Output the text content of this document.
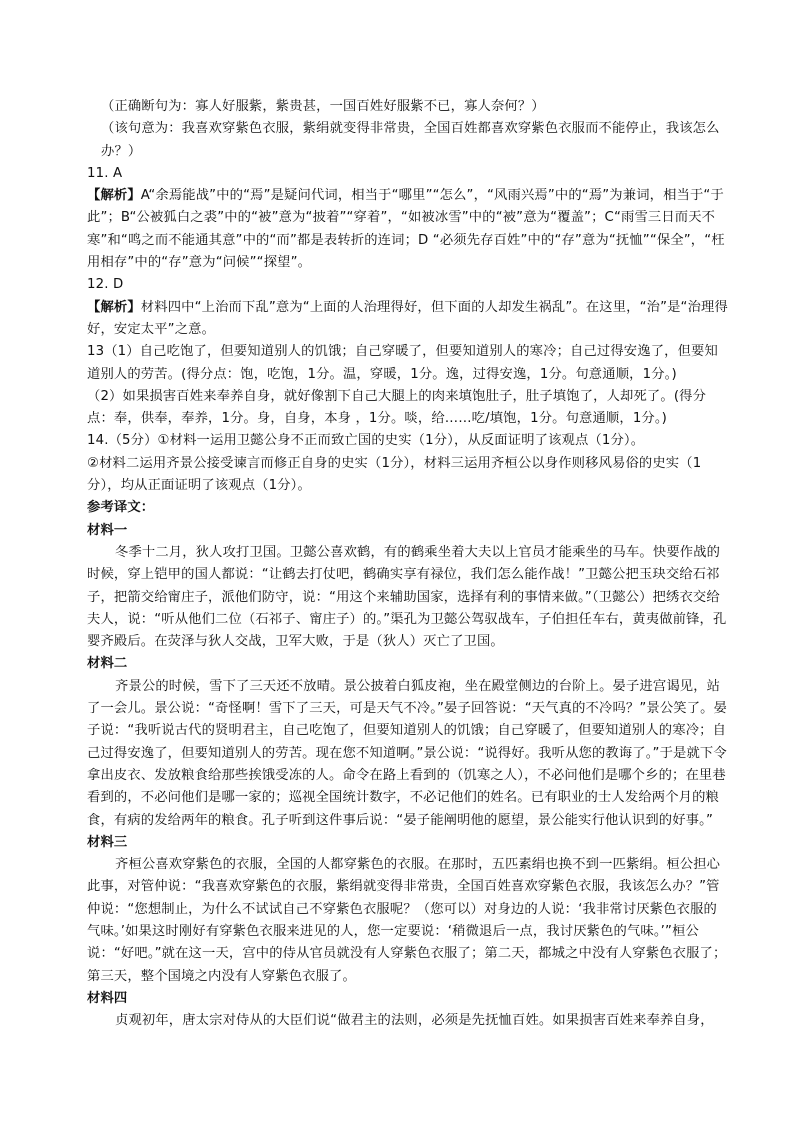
（正确断句为：寡人好服紫，紫贵甚，一国百姓好服紫不已，寡人奈何？）

（该句意为：我喜欢穿紫色衣服，紫绢就变得非常贵，全国百姓都喜欢穿紫色衣服而不能停止，我该怎么办？）

11. A

【解析】A“余焉能战”中的“焉”是疑问代词，相当于“哪里”“怎么”，“风雨兴焉”中的“焉”为兼词，相当于“于此”；B“公被狐白之裘”中的“被”意为“披着”“穿着”，“如被冰雪”中的“被”意为“覆盖”；C“雨雪三日而天不寒”和“鸣之而不能通其意”中的“而”都是表转折的连词；D “必须先存百姓”中的“存”意为“抚恤”“保全”，“枉用相存”中的“存”意为“问候”“探望”。

12. D

【解析】材料四中“上治而下乱”意为“上面的人治理得好，但下面的人却发生祸乱”。在这里，“治”是“治理得好，安定太平”之意。

13（1）自己吃饱了，但要知道别人的饥饿；自己穿暖了，但要知道别人的寒冷；自己过得安逸了，但要知道别人的劳苦。(得分点：饱，吃饱，1分。温，穿暖，1分。逸，过得安逸，1分。句意通顺，1分。)

（2）如果损害百姓来奉养自身，就好像割下自己大腿上的肉来填饱肚子，肚子填饱了，人却死了。(得分点：奉，供奉，奉养，1分。身，自身，本身 ，1分。啖，给……吃/填饱，1分。句意通顺，1分。)

14.（5分）①材料一运用卫懿公身不正而致亡国的史实（1分），从反面证明了该观点（1分）。

②材料二运用齐景公接受谏言而修正自身的史实（1分），材料三运用齐桓公以身作则移风易俗的史实（1分），均从正面证明了该观点（1分）。

参考译文：

材料一

冬季十二月，狄人攻打卫国。卫懿公喜欢鹤，有的鹤乘坐着大夫以上官员才能乘坐的马车。快要作战的时候，穿上铠甲的国人都说：“让鹤去打仗吧，鹤确实享有禄位，我们怎么能作战！”卫懿公把玉玦交给石祁子，把箭交给甯庄子，派他们防守，说：“用这个来辅助国家，选择有利的事情来做。”（卫懿公）把绣衣交给夫人，说：“听从他们二位（石祁子、甯庄子）的。”渠孔为卫懿公驾驭战车，子伯担任车右，黄夷做前锋，孔婴齐殿后。在荧泽与狄人交战，卫军大败，于是（狄人）灭亡了卫国。

材料二

齐景公的时候，雪下了三天还不放晴。景公披着白狐皮袍，坐在殿堂侧边的台阶上。晏子进宫谒见，站了一会儿。景公说：“奇怪啊！雪下了三天，可是天气不冷。”晏子回答说：“天气真的不冷吗？”景公笑了。晏子说：“我听说古代的贤明君主，自己吃饱了，但要知道别人的饥饿；自己穿暖了，但要知道别人的寒冷；自己过得安逸了，但要知道别人的劳苦。现在您不知道啊。”景公说：“说得好。我听从您的教诲了。”于是就下令拿出皮衣、发放粮食给那些挨饿受冻的人。命令在路上看到的（饥寒之人），不必问他们是哪个乡的；在里巷看到的，不必问他们是哪一家的；巡视全国统计数字，不必记他们的姓名。已有职业的士人发给两个月的粮食，有病的发给两年的粮食。孔子听到这件事后说：“晏子能阐明他的愿望，景公能实行他认识到的好事。”

材料三

齐桓公喜欢穿紫色的衣服，全国的人都穿紫色的衣服。在那时，五匹素绢也换不到一匹紫绢。桓公担心此事，对管仲说：“我喜欢穿紫色的衣服，紫绢就变得非常贵，全国百姓喜欢穿紫色衣服，我该怎么办？”管仲说：“您想制止，为什么不试试自己不穿紫色衣服呢？（您可以）对身边的人说：‘我非常讨厌紫色衣服的气味。’如果这时刚好有穿紫色衣服来进见的人，您一定要说：‘稍微退后一点，我讨厌紫色的气味。’”桓公说：“好吧。”就在这一天，宫中的侍从官员就没有人穿紫色衣服了；第二天，都城之中没有人穿紫色衣服了；第三天，整个国境之内没有人穿紫色衣服了。

材料四

贞观初年，唐太宗对侍从的大臣们说“做君主的法则，必须是先抚恤百姓。如果损害百姓来奉养自身，
